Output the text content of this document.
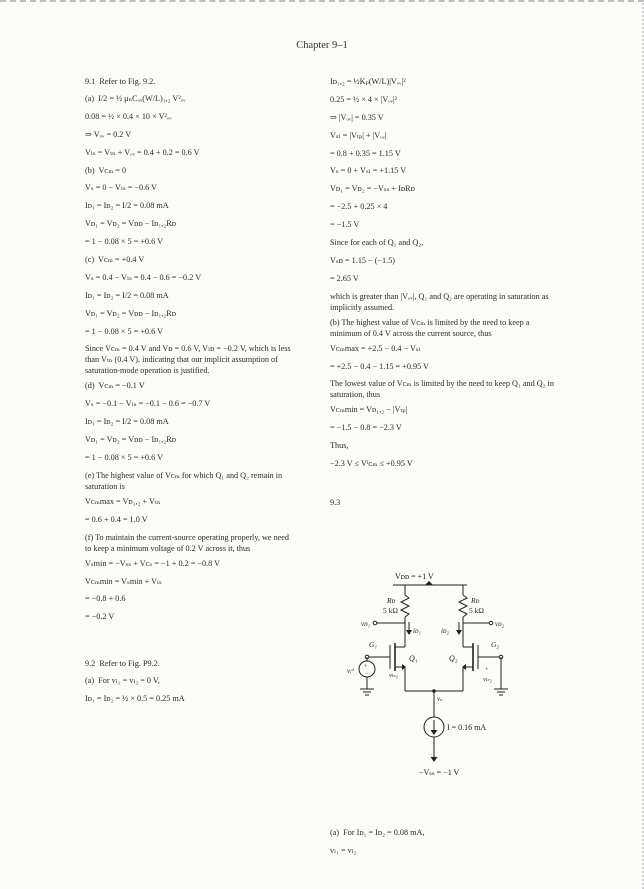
Chapter 9–1
9.1  Refer to Fig. 9.2.
(a)  I/2 = ½ μₙCₒₓ(W/L)₁,₂ V²ₒᵥ
0.08 = ½ × 0.4 × 10 × V²ₒᵥ
⇒ Vₒᵥ = 0.2 V
Vₗₛ = Vₜₙ + Vₒᵥ = 0.4 + 0.2 = 0.6 V
(b)  Vᴄₘ = 0
Vₛ = 0 − Vₗₛ = −0.6 V
Iᴅ₁ = Iᴅ₂ = I/2 = 0.08 mA
Vᴅ₁ = Vᴅ₂ = Vᴅᴅ − Iᴅ₁,₂Rᴅ
= 1 − 0.08 × 5 = +0.6 V
(c)  Vᴄₘ = +0.4 V
Vₛ = 0.4 − Vₗₛ = 0.4 − 0.6 = −0.2 V
Iᴅ₁ = Iᴅ₂ = I/2 = 0.08 mA
Vᴅ₁ = Vᴅ₂ = Vᴅᴅ − Iᴅ₁,₂Rᴅ
= 1 − 0.08 × 5 = +0.6 V
Since Vᴄₘ = 0.4 V and Vᴅ = 0.6 V, Vₗᴅ = −0.2 V, which is less than Vₜₙ (0.4 V), indicating that our implicit assumption of saturation-mode operation is justified.
(d)  Vᴄₘ = −0.1 V
Vₛ = −0.1 − Vₗₛ = −0.1 − 0.6 = −0.7 V
Iᴅ₁ = Iᴅ₂ = I/2 = 0.08 mA
Vᴅ₁ = Vᴅ₂ = Vᴅᴅ − Iᴅ₁,₂Rᴅ
= 1 − 0.08 × 5 = +0.6 V
(e) The highest value of Vᴄₘ for which Q₁ and Q₂ remain in saturation is
Vᴄₘmax = Vᴅ₁,₂ + Vₜₙ
= 0.6 + 0.4 = 1.0 V
(f) To maintain the current-source operating properly, we need to keep a minimum voltage of 0.2 V across it, thus
Vₛmin = −Vₛₛ + Vᴄₛ = −1 + 0.2 = −0.8 V
Vᴄₘmin = Vₛmin + Vₗₛ
= −0.8 + 0.6
= −0.2 V
9.2  Refer to Fig. P9.2.
(a)  For vₗ₁ = vₗ₂ = 0 V,
Iᴅ₁ = Iᴅ₂ = ½ × 0.5 = 0.25 mA
Iᴅ₁,₂ = ½Kₚ(W/L)|Vₒᵥ|²
0.25 = ½ × 4 × |Vₒᵥ|²
⇒ |Vₒᵥ| = 0.35 V
Vₛₗ = |Vₜₚ| + |Vₒᵥ|
= 0.8 + 0.35 = 1.15 V
Vₛ = 0 + Vₛₗ = +1.15 V
Vᴅ₁ = Vᴅ₂ = −Vₛₛ + IᴅRᴅ
= −2.5 + 0.25 × 4
= −1.5 V
Since for each of Q₁ and Q₂,
Vₛᴅ = 1.15 − (−1.5)
= 2.65 V
which is greater than |Vₒᵥ|, Q₁ and Q₂ are operating in saturation as implicitly assumed.
(b) The highest value of Vᴄₘ is limited by the need to keep a minimum of 0.4 V across the current source, thus
Vᴄₘmax = +2.5 − 0.4 − Vₛₗ
= +2.5 − 0.4 − 1.15 = +0.95 V
The lowest value of Vᴄₘ is limited by the need to keep Q₁ and Q₂ in saturation, thus
Vᴄₘmin = Vᴅ₁,₂ − |Vₜₚ|
= −1.5 − 0.8 = −2.3 V
Thus,
−2.3 V ≤ Vᴵᴄₘ ≤ +0.95 V
9.3
Vᴅᴅ = +1 V
Rᴅ
5 kΩ
Rᴅ
5 kΩ
vᴅ₁	vᴅ₂
iᴅ₁	iᴅ₂
Q₁
G₁
Q₂
G₂
+
−
vᵢᵈ
vₗₛ₁
vₗₛ₂
+
vₛ
I = 0.16 mA
−Vₛₛ = −1 V
(a)  For Iᴅ₁ = Iᴅ₂ = 0.08 mA,
vₗ₁ = vₗ₂
